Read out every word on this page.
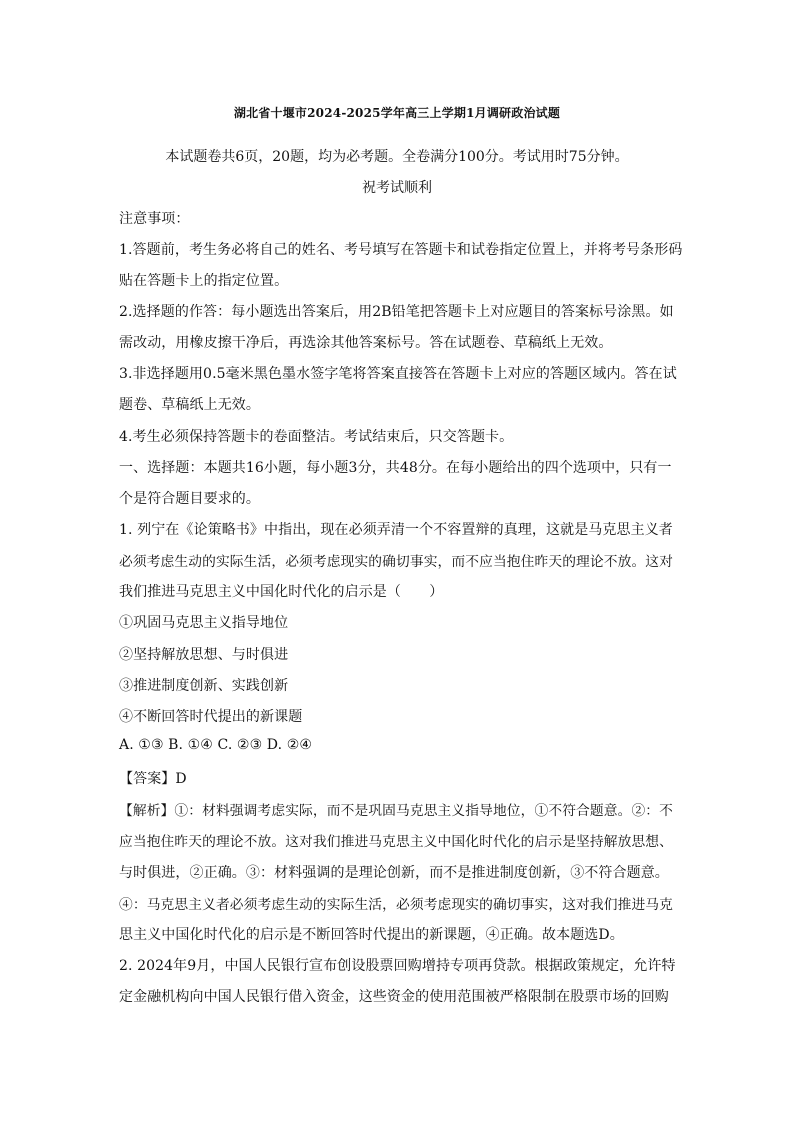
湖北省十堰市2024-2025学年高三上学期1月调研政治试题
本试题卷共6页，20题，均为必考题。全卷满分100分。考试用时75分钟。
祝考试顺利
注意事项：
1.答题前，考生务必将自己的姓名、考号填写在答题卡和试卷指定位置上，并将考号条形码
贴在答题卡上的指定位置。
2.选择题的作答：每小题选出答案后，用2B铅笔把答题卡上对应题目的答案标号涂黑。如
需改动，用橡皮擦干净后，再选涂其他答案标号。答在试题卷、草稿纸上无效。
3.非选择题用0.5毫米黑色墨水签字笔将答案直接答在答题卡上对应的答题区域内。答在试
题卷、草稿纸上无效。
4.考生必须保持答题卡的卷面整洁。考试结束后，只交答题卡。
一、选择题：本题共16小题，每小题3分，共48分。在每小题给出的四个选项中，只有一
个是符合题目要求的。
1. 列宁在《论策略书》中指出，现在必须弄清一个不容置辩的真理，这就是马克思主义者
必须考虑生动的实际生活，必须考虑现实的确切事实，而不应当抱住昨天的理论不放。这对
我们推进马克思主义中国化时代化的启示是（　　）
①巩固马克思主义指导地位
②坚持解放思想、与时俱进
③推进制度创新、实践创新
④不断回答时代提出的新课题
A. ①③ B. ①④ C. ②③ D. ②④
【答案】D
【解析】①：材料强调考虑实际，而不是巩固马克思主义指导地位，①不符合题意。②：不
应当抱住昨天的理论不放。这对我们推进马克思主义中国化时代化的启示是坚持解放思想、
与时俱进，②正确。③：材料强调的是理论创新，而不是推进制度创新，③不符合题意。
④：马克思主义者必须考虑生动的实际生活，必须考虑现实的确切事实，这对我们推进马克
思主义中国化时代化的启示是不断回答时代提出的新课题，④正确。故本题选D。
2. 2024年9月，中国人民银行宣布创设股票回购增持专项再贷款。根据政策规定，允许特
定金融机构向中国人民银行借入资金，这些资金的使用范围被严格限制在股票市场的回购
